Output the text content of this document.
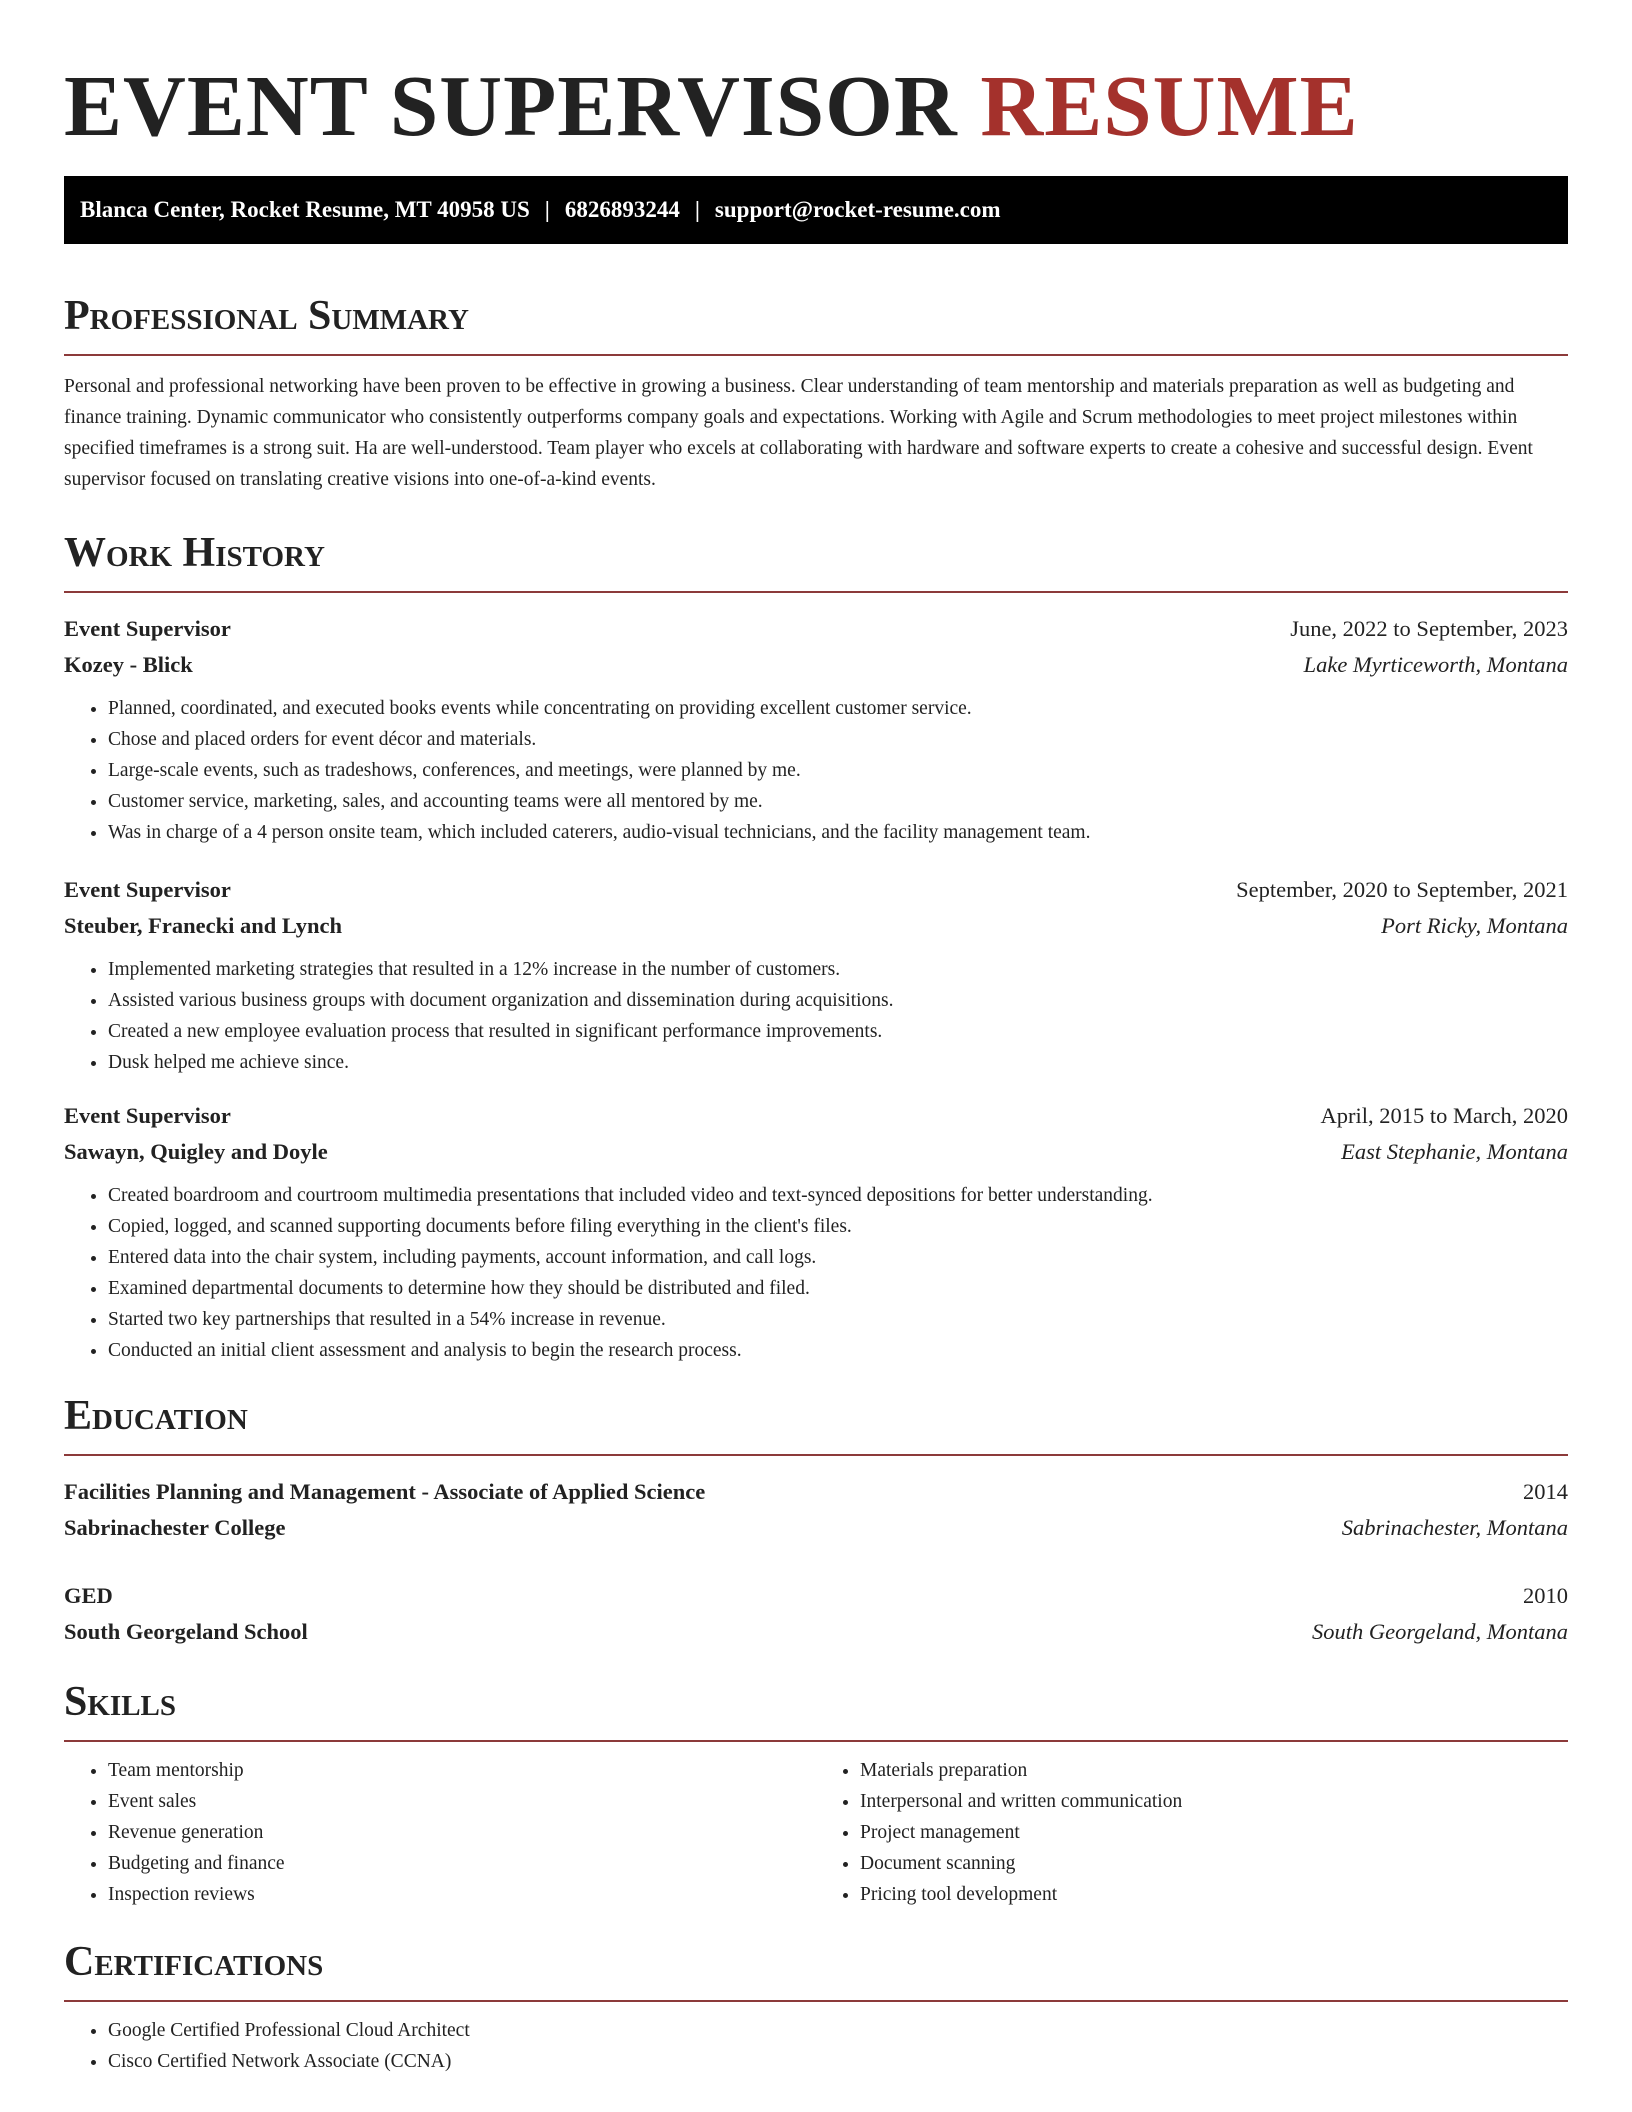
EVENT SUPERVISOR RESUME
Blanca Center, Rocket Resume, MT 40958 US | 6826893244 | support@rocket-resume.com
Professional Summary

Personal and professional networking have been proven to be effective in growing a business. Clear understanding of team mentorship and materials preparation as well as budgeting and finance training. Dynamic communicator who consistently outperforms company goals and expectations. Working with Agile and Scrum methodologies to meet project milestones within specified timeframes is a strong suit. Ha are well-understood. Team player who excels at collaborating with hardware and software experts to create a cohesive and successful design. Event supervisor focused on translating creative visions into one-of-a-kind events.

Work History
Event Supervisor	June, 2022 to September, 2023
Kozey - Blick	Lake Myrticeworth, Montana
• Planned, coordinated, and executed books events while concentrating on providing excellent customer service.
• Chose and placed orders for event décor and materials.
• Large-scale events, such as tradeshows, conferences, and meetings, were planned by me.
• Customer service, marketing, sales, and accounting teams were all mentored by me.
• Was in charge of a 4 person onsite team, which included caterers, audio-visual technicians, and the facility management team.
Event Supervisor	September, 2020 to September, 2021
Steuber, Franecki and Lynch	Port Ricky, Montana
• Implemented marketing strategies that resulted in a 12% increase in the number of customers.
• Assisted various business groups with document organization and dissemination during acquisitions.
• Created a new employee evaluation process that resulted in significant performance improvements.
• Dusk helped me achieve since.
Event Supervisor	April, 2015 to March, 2020
Sawayn, Quigley and Doyle	East Stephanie, Montana
• Created boardroom and courtroom multimedia presentations that included video and text-synced depositions for better understanding.
• Copied, logged, and scanned supporting documents before filing everything in the client's files.
• Entered data into the chair system, including payments, account information, and call logs.
• Examined departmental documents to determine how they should be distributed and filed.
• Started two key partnerships that resulted in a 54% increase in revenue.
• Conducted an initial client assessment and analysis to begin the research process.
Education
Facilities Planning and Management - Associate of Applied Science	2014
Sabrinachester College	Sabrinachester, Montana
GED	2010
South Georgeland School	South Georgeland, Montana
Skills
• Team mentorship
• Event sales
• Revenue generation
• Budgeting and finance
• Inspection reviews
• Materials preparation
• Interpersonal and written communication
• Project management
• Document scanning
• Pricing tool development
Certifications
• Google Certified Professional Cloud Architect
• Cisco Certified Network Associate (CCNA)
